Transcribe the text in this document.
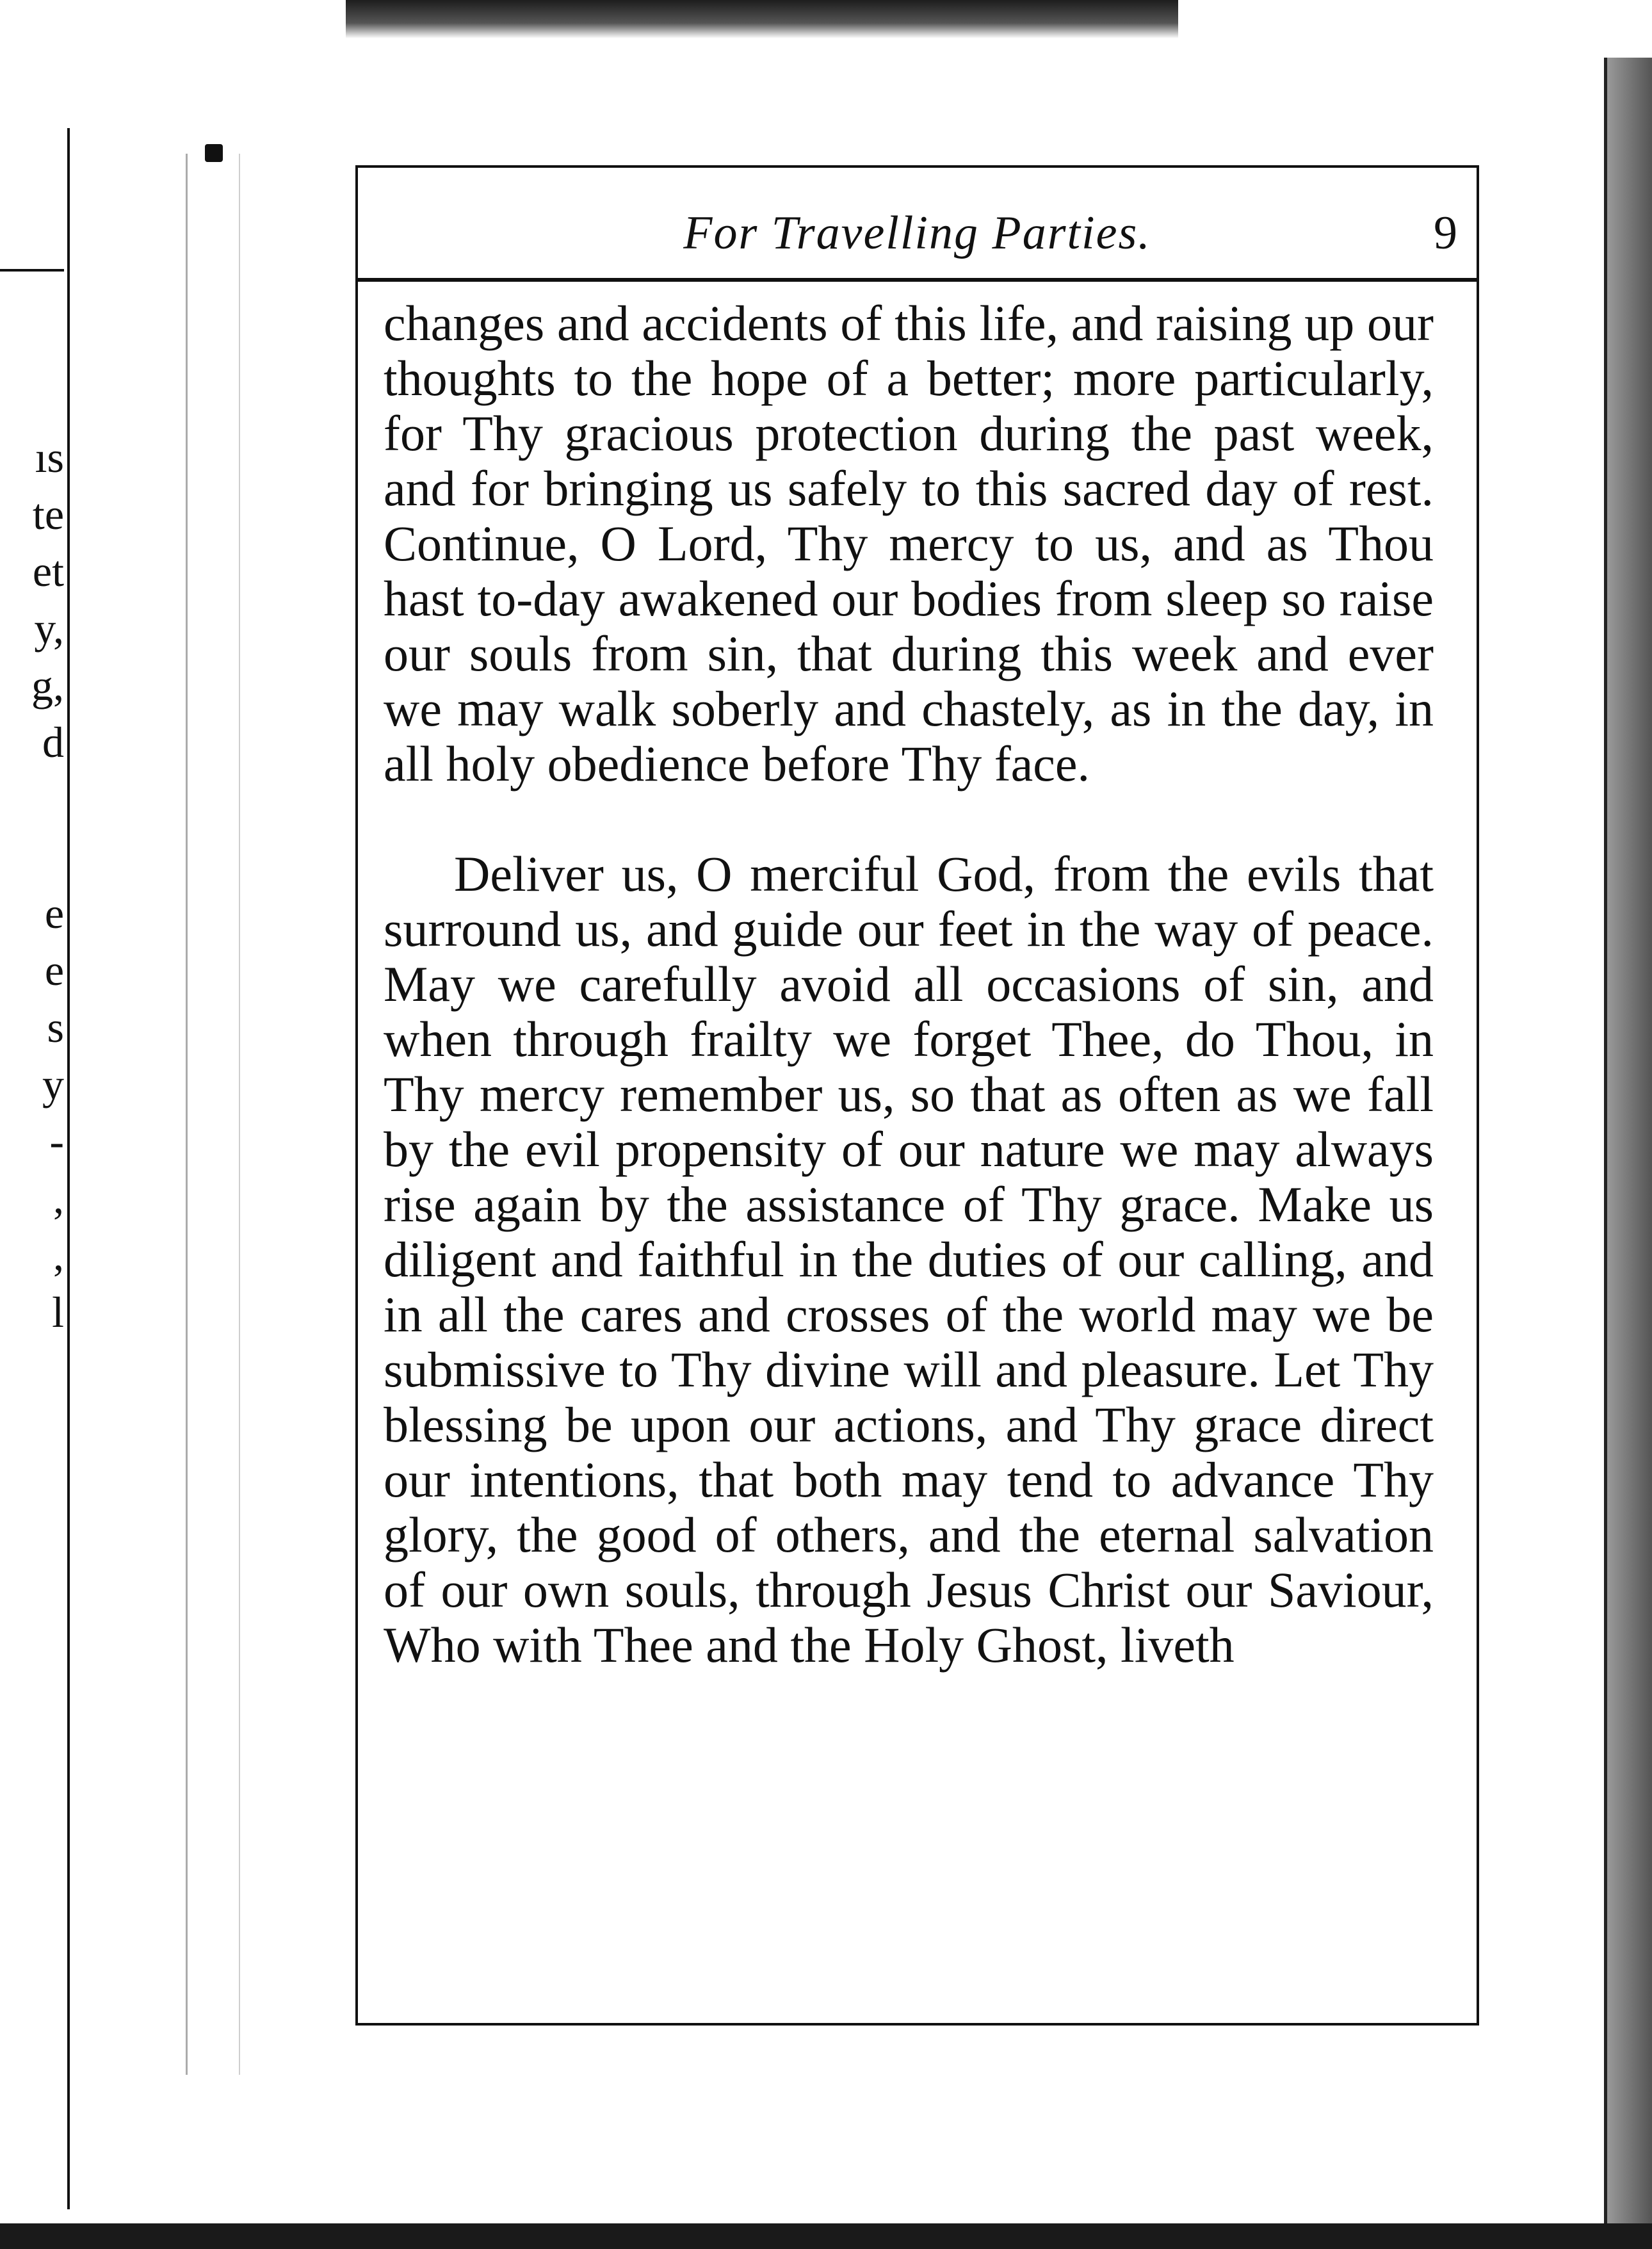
ıs
te
et
y,
g,
d
e
e
s
y
-
,
,
l
For Travelling Parties.	9

changes and accidents of this life, and raising up our thoughts to the hope of a better; more particularly, for Thy gracious protection during the past week, and for bringing us safely to this sacred day of rest. Continue, O Lord, Thy mercy to us, and as Thou hast to-day awakened our bodies from sleep so raise our souls from sin, that during this week and ever we may walk soberly and chastely, as in the day, in all holy obedience before Thy face.

Deliver us, O merciful God, from the evils that surround us, and guide our feet in the way of peace. May we carefully avoid all occasions of sin, and when through frailty we forget Thee, do Thou, in Thy mercy remember us, so that as often as we fall by the evil propensity of our nature we may always rise again by the assistance of Thy grace. Make us diligent and faithful in the duties of our calling, and in all the cares and crosses of the world may we be submissive to Thy divine will and pleasure. Let Thy blessing be upon our actions, and Thy grace direct our intentions, that both may tend to advance Thy glory, the good of others, and the eternal salvation of our own souls, through Jesus Christ our Saviour, Who with Thee and the Holy Ghost, liveth
